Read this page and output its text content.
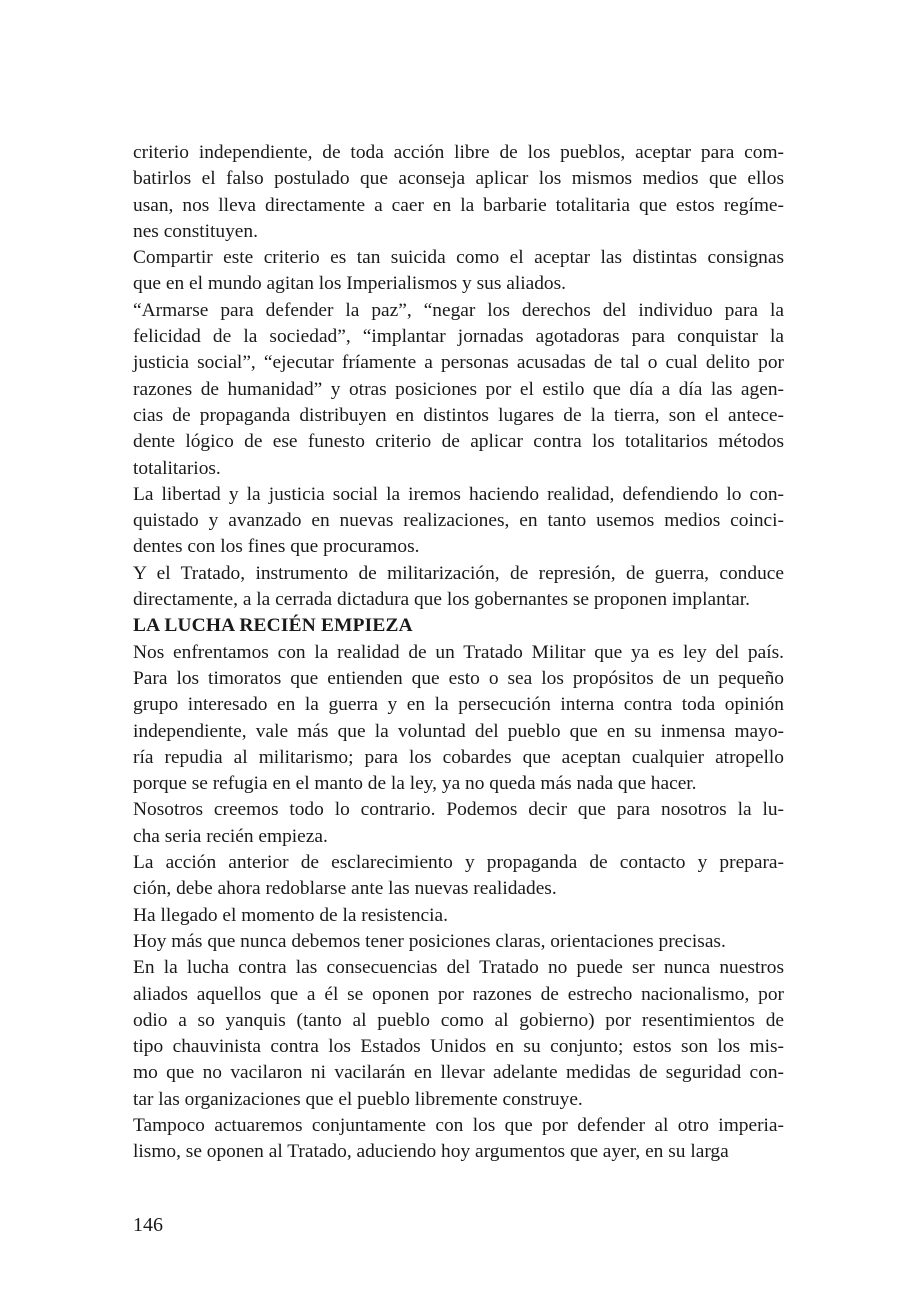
criterio independiente, de toda acción libre de los pueblos, aceptar para com-
batirlos el falso postulado que aconseja aplicar los mismos medios que ellos
usan, nos lleva directamente a caer en la barbarie totalitaria que estos regíme-
nes constituyen.
Compartir este criterio es tan suicida como el aceptar las distintas consignas
que en el mundo agitan los Imperialismos y sus aliados.
“Armarse para defender la paz”, “negar los derechos del individuo para la
felicidad de la sociedad”, “implantar jornadas agotadoras para conquistar la
justicia social”, “ejecutar fríamente a personas acusadas de tal o cual delito por
razones de humanidad” y otras posiciones por el estilo que día a día las agen-
cias de propaganda distribuyen en distintos lugares de la tierra, son el antece-
dente lógico de ese funesto criterio de aplicar contra los totalitarios métodos
totalitarios.
La libertad y la justicia social la iremos haciendo realidad, defendiendo lo con-
quistado y avanzado en nuevas realizaciones, en tanto usemos medios coinci-
dentes con los fines que procuramos.
Y el Tratado, instrumento de militarización, de represión, de guerra, conduce
directamente, a la cerrada dictadura que los gobernantes se proponen implantar.
LA LUCHA RECIÉN EMPIEZA
Nos enfrentamos con la realidad de un Tratado Militar que ya es ley del país.
Para los timoratos que entienden que esto o sea los propósitos de un pequeño
grupo interesado en la guerra y en la persecución interna contra toda opinión
independiente, vale más que la voluntad del pueblo que en su inmensa mayo-
ría repudia al militarismo; para los cobardes que aceptan cualquier atropello
porque se refugia en el manto de la ley, ya no queda más nada que hacer.
Nosotros creemos todo lo contrario. Podemos decir que para nosotros la lu-
cha seria recién empieza.
La acción anterior de esclarecimiento y propaganda de contacto y prepara-
ción, debe ahora redoblarse ante las nuevas realidades.
Ha llegado el momento de la resistencia.
Hoy más que nunca debemos tener posiciones claras, orientaciones precisas.
En la lucha contra las consecuencias del Tratado no puede ser nunca nuestros
aliados aquellos que a él se oponen por razones de estrecho nacionalismo, por
odio a so yanquis (tanto al pueblo como al gobierno) por resentimientos de
tipo chauvinista contra los Estados Unidos en su conjunto; estos son los mis-
mo que no vacilaron ni vacilarán en llevar adelante medidas de seguridad con-
tar las organizaciones que el pueblo libremente construye.
Tampoco actuaremos conjuntamente con los que por defender al otro imperia-
lismo, se oponen al Tratado, aduciendo hoy argumentos que ayer, en su larga
146
